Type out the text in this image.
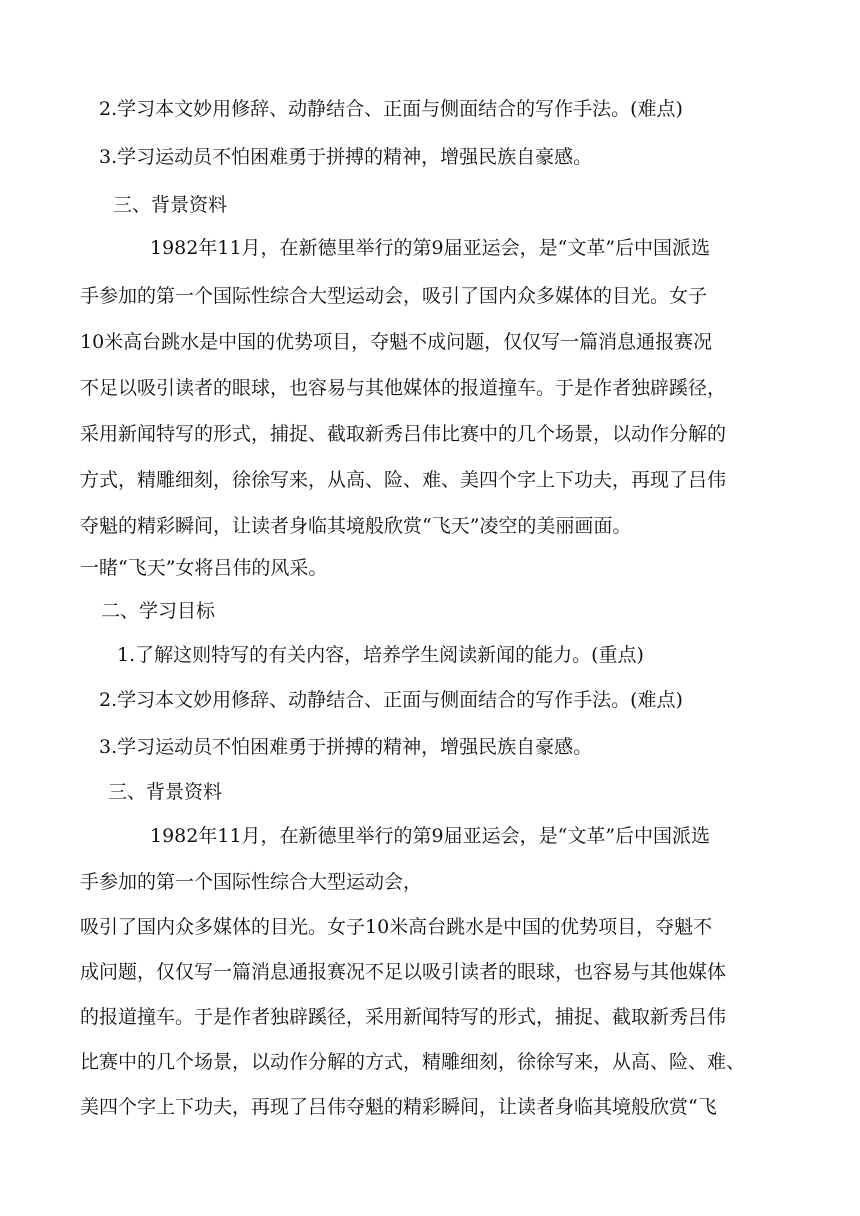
2.学习本文妙用修辞、动静结合、正面与侧面结合的写作手法。(难点)
3.学习运动员不怕困难勇于拼搏的精神，增强民族自豪感。
三、背景资料
1982年11月，在新德里举行的第9届亚运会，是“文革”后中国派选
手参加的第一个国际性综合大型运动会，吸引了国内众多媒体的目光。女子
10米高台跳水是中国的优势项目，夺魁不成问题，仅仅写一篇消息通报赛况
不足以吸引读者的眼球，也容易与其他媒体的报道撞车。于是作者独辟蹊径，
采用新闻特写的形式，捕捉、截取新秀吕伟比赛中的几个场景，以动作分解的
方式，精雕细刻，徐徐写来，从高、险、难、美四个字上下功夫，再现了吕伟
夺魁的精彩瞬间，让读者身临其境般欣赏“飞天”凌空的美丽画面。
一睹“飞天”女将吕伟的风采。
二、学习目标
1.了解这则特写的有关内容，培养学生阅读新闻的能力。(重点)
2.学习本文妙用修辞、动静结合、正面与侧面结合的写作手法。(难点)
3.学习运动员不怕困难勇于拼搏的精神，增强民族自豪感。
三、背景资料
1982年11月，在新德里举行的第9届亚运会，是“文革”后中国派选
手参加的第一个国际性综合大型运动会，
吸引了国内众多媒体的目光。女子10米高台跳水是中国的优势项目，夺魁不
成问题，仅仅写一篇消息通报赛况不足以吸引读者的眼球，也容易与其他媒体
的报道撞车。于是作者独辟蹊径，采用新闻特写的形式，捕捉、截取新秀吕伟
比赛中的几个场景，以动作分解的方式，精雕细刻，徐徐写来，从高、险、难、
美四个字上下功夫，再现了吕伟夺魁的精彩瞬间，让读者身临其境般欣赏“飞
